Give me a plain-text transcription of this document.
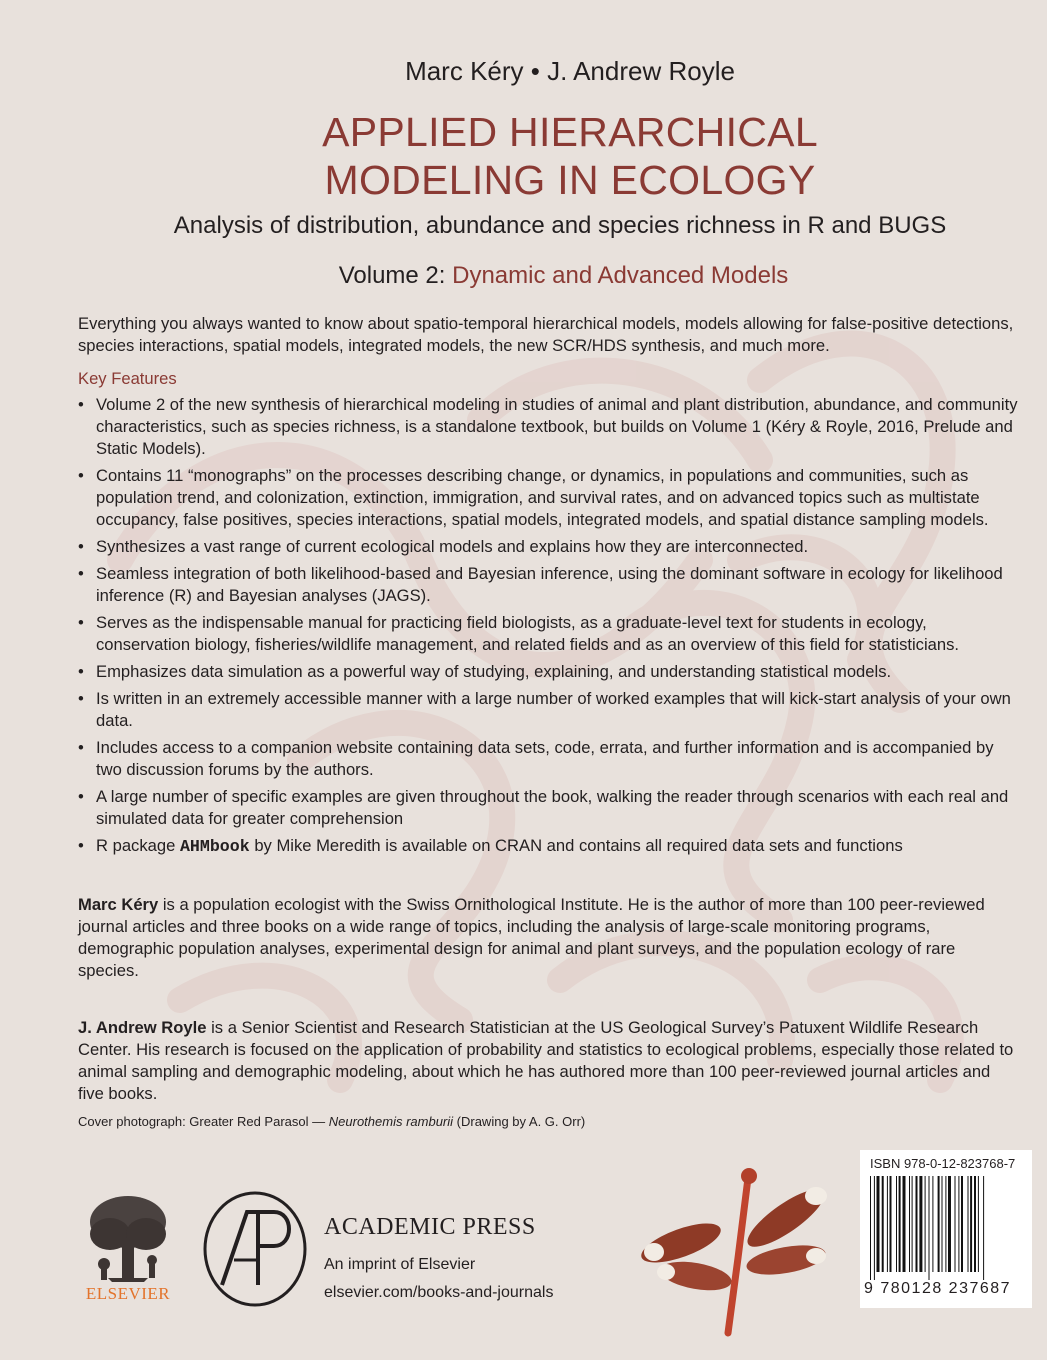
Marc Kéry • J. Andrew Royle
APPLIED HIERARCHICAL
MODELING IN ECOLOGY
Analysis of distribution, abundance and species richness in R and BUGS
Volume 2: Dynamic and Advanced Models
Everything you always wanted to know about spatio-temporal hierarchical models, models allowing for false-positive detections, species interactions, spatial models, integrated models, the new SCR/HDS synthesis, and much more.
Key Features
• Volume 2 of the new synthesis of hierarchical modeling in studies of animal and plant distribution, abundance, and community characteristics, such as species richness, is a standalone textbook, but builds on Volume 1 (Kéry & Royle, 2016, Prelude and Static Models).
• Contains 11 “monographs” on the processes describing change, or dynamics, in populations and communities, such as population trend, and colonization, extinction, immigration, and survival rates, and on advanced topics such as multistate occupancy, false positives, species interactions, spatial models, integrated models, and spatial distance sampling models.
• Synthesizes a vast range of current ecological models and explains how they are interconnected.
• Seamless integration of both likelihood-based and Bayesian inference, using the dominant software in ecology for likelihood inference (R) and Bayesian analyses (JAGS).
• Serves as the indispensable manual for practicing field biologists, as a graduate-level text for students in ecology, conservation biology, fisheries/wildlife management, and related fields and as an overview of this field for statisticians.
• Emphasizes data simulation as a powerful way of studying, explaining, and understanding statistical models.
• Is written in an extremely accessible manner with a large number of worked examples that will kick-start analysis of your own data.
• Includes access to a companion website containing data sets, code, errata, and further information and is accompanied by two discussion forums by the authors.
• A large number of specific examples are given throughout the book, walking the reader through scenarios with each real and simulated data for greater comprehension
• R package AHMbook by Mike Meredith is available on CRAN and contains all required data sets and functions
Marc Kéry is a population ecologist with the Swiss Ornithological Institute. He is the author of more than 100 peer-reviewed journal articles and three books on a wide range of topics, including the analysis of large-scale monitoring programs, demographic population analyses, experimental design for animal and plant surveys, and the population ecology of rare species.
J. Andrew Royle is a Senior Scientist and Research Statistician at the US Geological Survey’s Patuxent Wildlife Research Center. His research is focused on the application of probability and statistics to ecological problems, especially those related to animal sampling and demographic modeling, about which he has authored more than 100 peer-reviewed journal articles and five books.
Cover photograph: Greater Red Parasol — Neurothemis ramburii (Drawing by A. G. Orr)
ELSEVIER
ACADEMIC PRESS
An imprint of Elsevier
elsevier.com/books-and-journals
ISBN 978-0-12-823768-7
9 780128 237687
